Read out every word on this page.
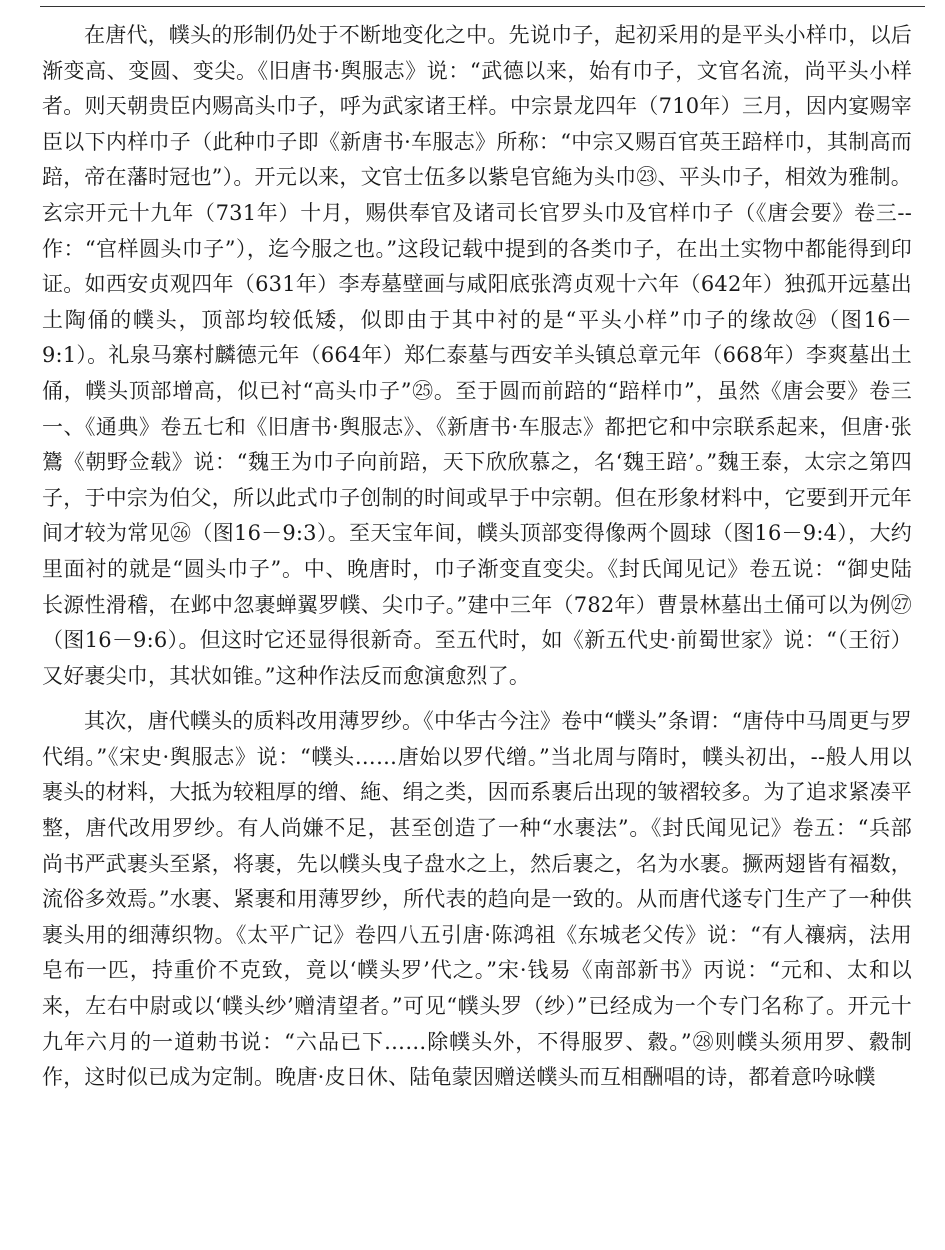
在唐代，幞头的形制仍处于不断地变化之中。先说巾子，起初采用的是平头小样巾，以后渐变高、变圆、变尖。《旧唐书·舆服志》说：“武德以来，始有巾子，文官名流，尚平头小样者。则天朝贵臣内赐高头巾子，呼为武家诸王样。中宗景龙四年（710年）三月，因内宴赐宰臣以下内样巾子（此种巾子即《新唐书·车服志》所称：“中宗又赐百官英王踣样巾，其制高而踣，帝在藩时冠也”）。开元以来，文官士伍多以紫皂官絁为头巾㉓、平头巾子，相效为雅制。玄宗开元十九年（731年）十月，赐供奉官及诸司长官罗头巾及官样巾子（《唐会要》卷三--作：“官样圆头巾子”），迄今服之也。”这段记载中提到的各类巾子，在出土实物中都能得到印证。如西安贞观四年（631年）李寿墓壁画与咸阳底张湾贞观十六年（642年）独孤开远墓出土陶俑的幞头，顶部均较低矮，似即由于其中衬的是“平头小样”巾子的缘故㉔（图16－9:1）。礼泉马寨村麟德元年（664年）郑仁泰墓与西安羊头镇总章元年（668年）李爽墓出土俑，幞头顶部增高，似已衬“高头巾子”㉕。至于圆而前踣的“踣样巾”，虽然《唐会要》卷三一、《通典》卷五七和《旧唐书·舆服志》、《新唐书·车服志》都把它和中宗联系起来，但唐·张鷟《朝野佥载》说：“魏王为巾子向前踣，天下欣欣慕之，名‘魏王踣’。”魏王泰，太宗之第四子，于中宗为伯父，所以此式巾子创制的时间或早于中宗朝。但在形象材料中，它要到开元年间才较为常见㉖（图16－9:3）。至天宝年间，幞头顶部变得像两个圆球（图16－9:4），大约里面衬的就是“圆头巾子”。中、晚唐时，巾子渐变直变尖。《封氏闻见记》卷五说：“御史陆长源性滑稽，在邺中忽裹蝉翼罗幞、尖巾子。”建中三年（782年）曹景林墓出土俑可以为例㉗（图16－9:6）。但这时它还显得很新奇。至五代时，如《新五代史·前蜀世家》说：“（王衍）又好裹尖巾，其状如锥。”这种作法反而愈演愈烈了。

其次，唐代幞头的质料改用薄罗纱。《中华古今注》卷中“幞头”条谓：“唐侍中马周更与罗代绢。”《宋史·舆服志》说：“幞头……唐始以罗代缯。”当北周与隋时，幞头初出，--般人用以裹头的材料，大抵为较粗厚的缯、絁、绢之类，因而系裹后出现的皱褶较多。为了追求紧凑平整，唐代改用罗纱。有人尚嫌不足，甚至创造了一种“水裹法”。《封氏闻见记》卷五：“兵部尚书严武裹头至紧，将裹，先以幞头曳子盘水之上，然后裹之，名为水裹。撅两翅皆有褔数，流俗多效焉。”水裹、紧裹和用薄罗纱，所代表的趋向是一致的。从而唐代遂专门生产了一种供裹头用的细薄织物。《太平广记》卷四八五引唐·陈鸿祖《东城老父传》说：“有人禳病，法用皂布一匹，持重价不克致，竟以‘幞头罗’代之。”宋·钱易《南部新书》丙说：“元和、太和以来，左右中尉或以‘幞头纱’赠清望者。”可见“幞头罗（纱）”已经成为一个专门名称了。开元十九年六月的一道勅书说：“六品已下……除幞头外，不得服罗、縠。”㉘则幞头须用罗、縠制作，这时似已成为定制。晚唐·皮日休、陆龟蒙因赠送幞头而互相酬唱的诗，都着意吟咏幞
